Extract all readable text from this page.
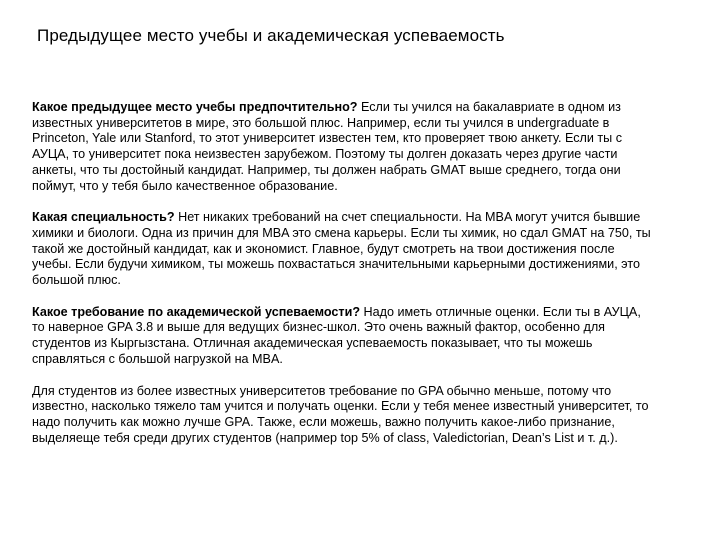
Предыдущее место учебы и академическая успеваемость

Какое предыдущее место учебы предпочтительно? Если ты учился на бакалавриате в одном из известных университетов в мире, это большой плюс. Например, если ты учился в undergraduate в Princeton, Yale или Stanford, то этот университет известен тем, кто проверяет твою анкету. Если ты с АУЦА, то университет пока неизвестен зарубежом. Поэтому ты долген доказать через другие части анкеты, что ты достойный кандидат. Например, ты должен набрать GMAT выше среднего, тогда они поймут, что у тебя было качественное образование.

Какая специальность? Нет никаких требований на счет специальности. На MBA могут учится бывшие химики и биологи. Одна из причин для MBA это смена карьеры. Если ты химик, но сдал GMAT на 750, ты такой же достойный кандидат, как и экономист. Главное, будут смотреть на твои достижения после учебы. Если будучи химиком, ты можешь похвастаться значительными карьерными достижениями, это большой плюс.

Какое требование по академической успеваемости? Надо иметь отличные оценки. Если ты в АУЦА, то наверное GPA 3.8 и выше для ведущих бизнес-школ. Это очень важный фактор, особенно для студентов из Кыргызстана. Отличная академическая успеваемость показывает, что ты можешь справляться с большой нагрузкой на MBA.

Для студентов из более известных университетов требование по GPA обычно меньше, потому что известно, насколько тяжело там учится и получать оценки. Если у тебя менее известный университет, то надо получить как можно лучше GPA. Также, если можешь, важно получить какое-либо признание, выделяеще тебя среди других студентов (например top 5% of class, Valedictorian, Dean’s List и т. д.).
